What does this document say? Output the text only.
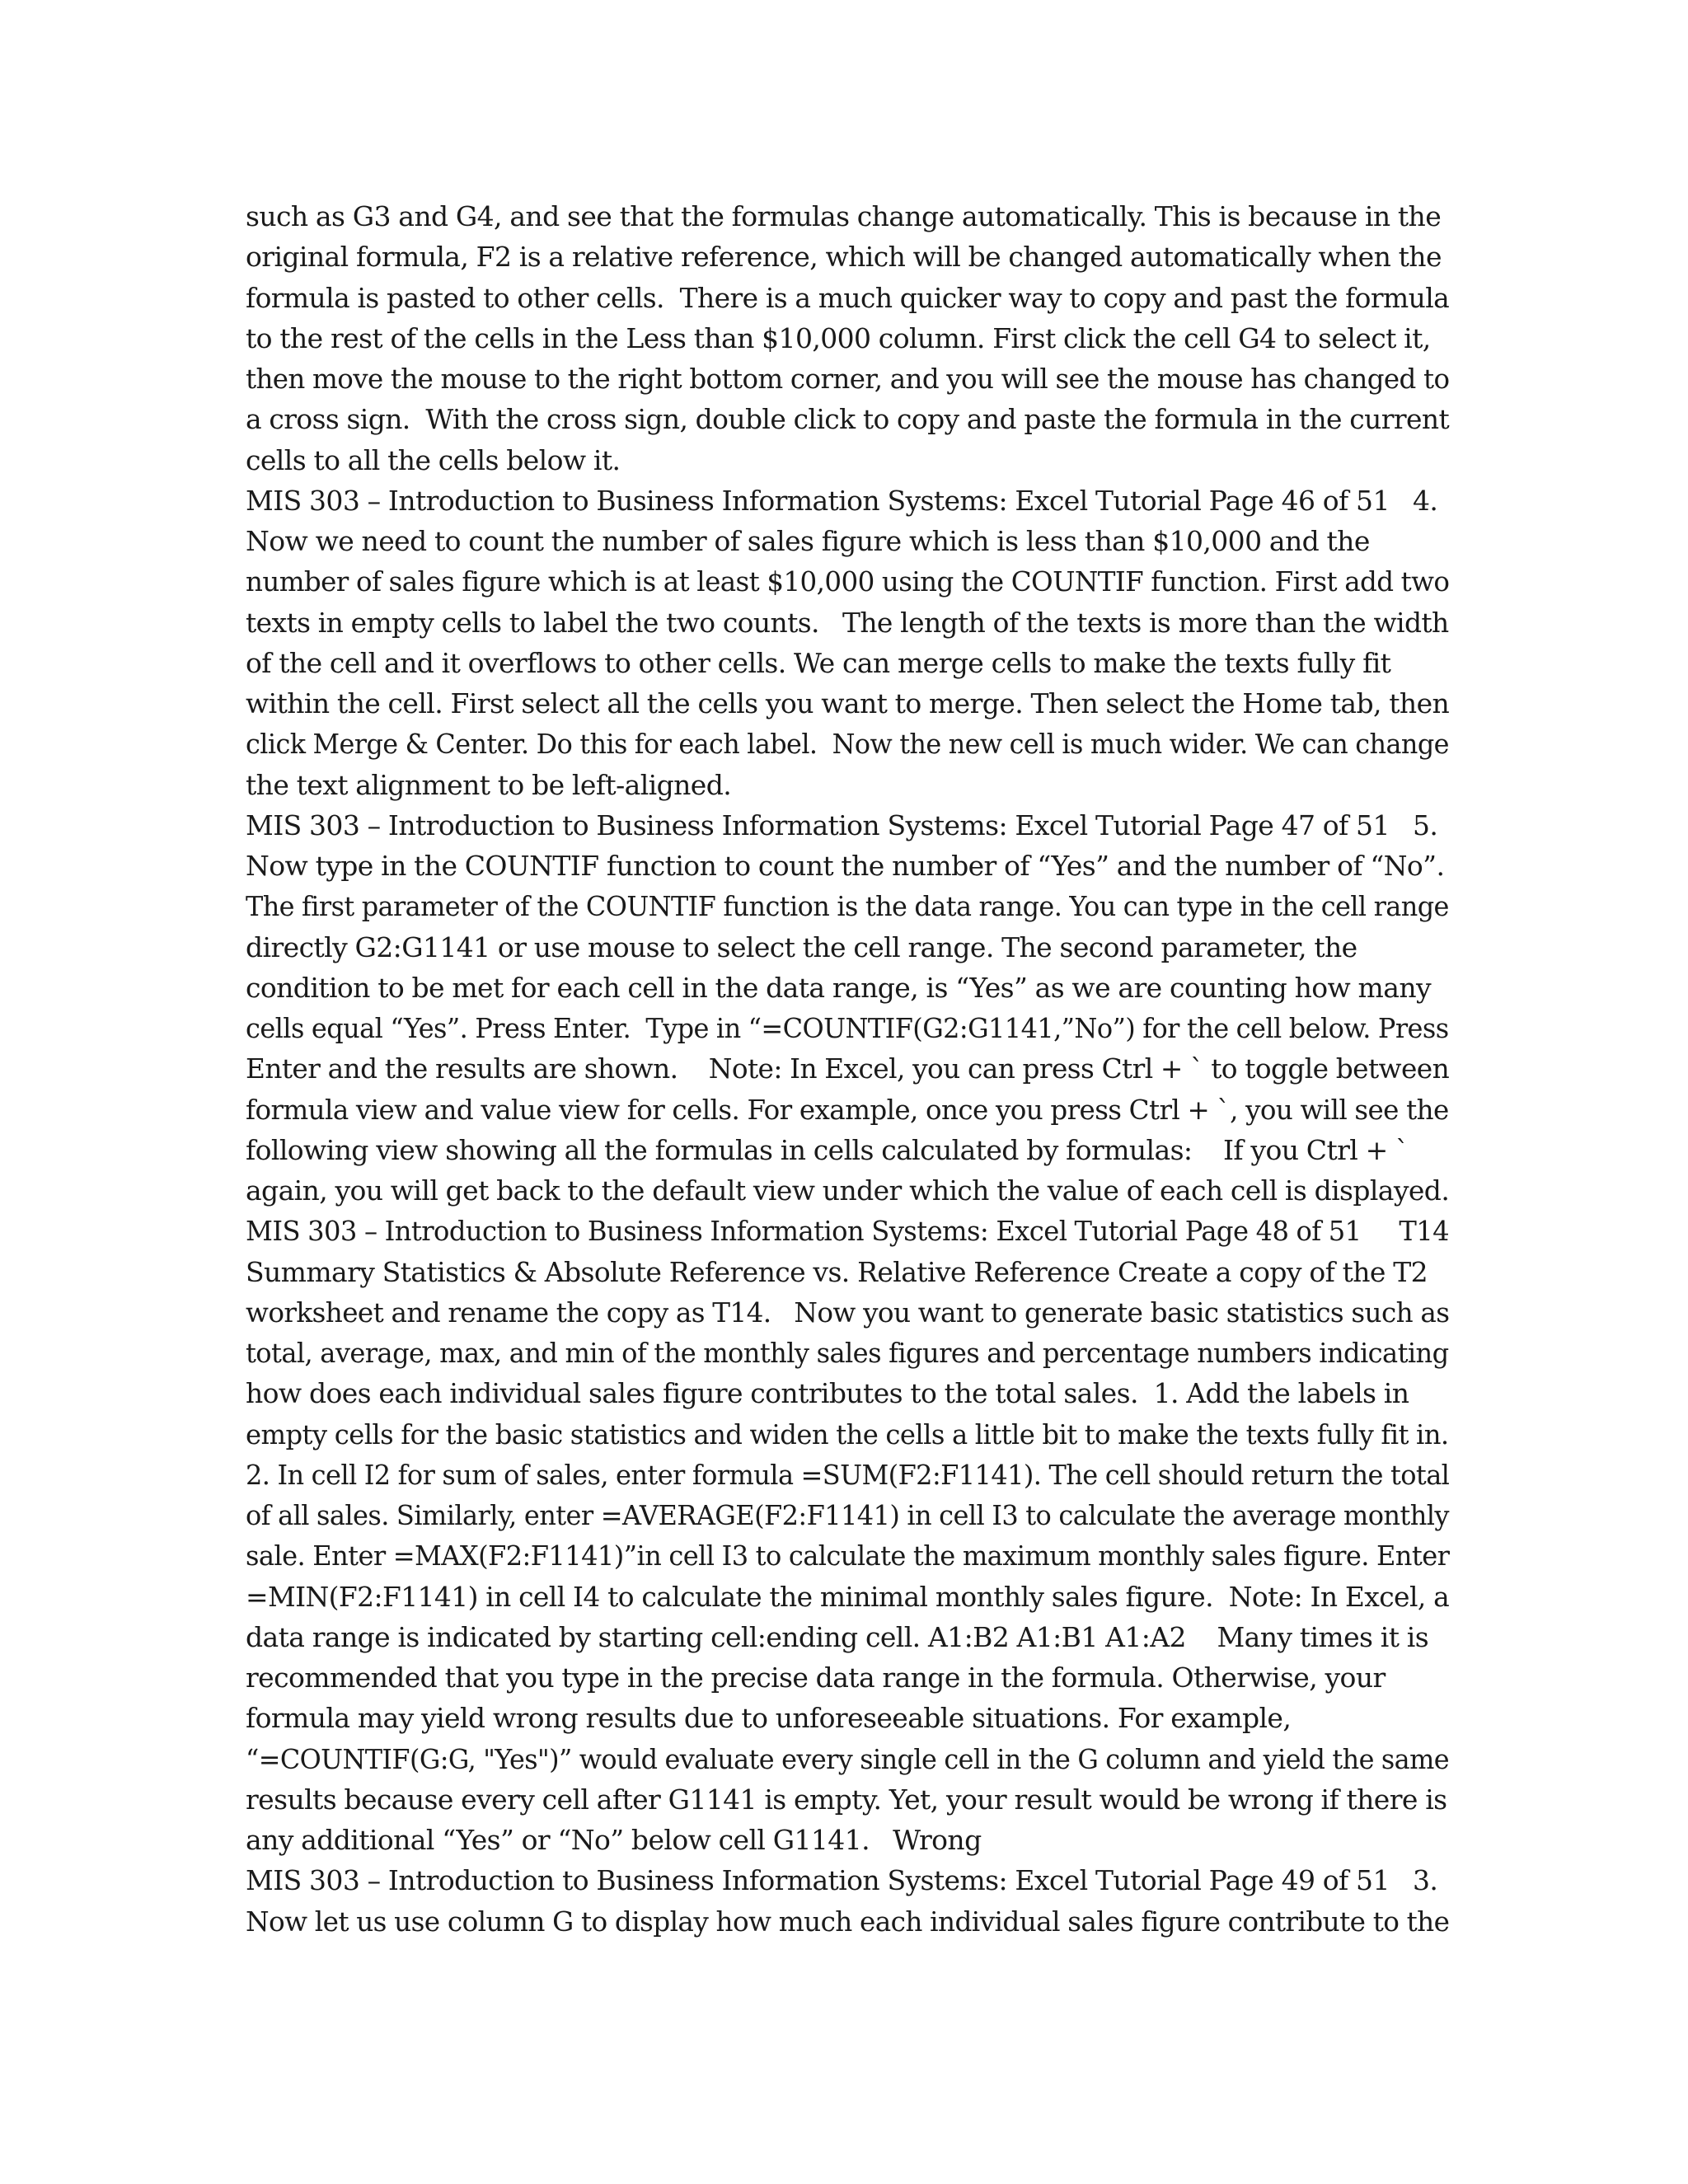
such as G3 and G4, and see that the formulas change automatically. This is because in the
original formula, F2 is a relative reference, which will be changed automatically when the
formula is pasted to other cells.  There is a much quicker way to copy and past the formula
to the rest of the cells in the Less than $10,000 column. First click the cell G4 to select it,
then move the mouse to the right bottom corner, and you will see the mouse has changed to
a cross sign.  With the cross sign, double click to copy and paste the formula in the current
cells to all the cells below it.
MIS 303 – Introduction to Business Information Systems: Excel Tutorial Page 46 of 51   4.
Now we need to count the number of sales figure which is less than $10,000 and the
number of sales figure which is at least $10,000 using the COUNTIF function. First add two
texts in empty cells to label the two counts.   The length of the texts is more than the width
of the cell and it overflows to other cells. We can merge cells to make the texts fully fit
within the cell. First select all the cells you want to merge. Then select the Home tab, then
click Merge & Center. Do this for each label.  Now the new cell is much wider. We can change
the text alignment to be left-aligned.
MIS 303 – Introduction to Business Information Systems: Excel Tutorial Page 47 of 51   5.
Now type in the COUNTIF function to count the number of “Yes” and the number of “No”.
The first parameter of the COUNTIF function is the data range. You can type in the cell range
directly G2:G1141 or use mouse to select the cell range. The second parameter, the
condition to be met for each cell in the data range, is “Yes” as we are counting how many
cells equal “Yes”. Press Enter.  Type in “=COUNTIF(G2:G1141,”No”) for the cell below. Press
Enter and the results are shown.    Note: In Excel, you can press Ctrl + ` to toggle between
formula view and value view for cells. For example, once you press Ctrl + `, you will see the
following view showing all the formulas in cells calculated by formulas:    If you Ctrl + `
again, you will get back to the default view under which the value of each cell is displayed.
MIS 303 – Introduction to Business Information Systems: Excel Tutorial Page 48 of 51     T14
Summary Statistics & Absolute Reference vs. Relative Reference Create a copy of the T2
worksheet and rename the copy as T14.   Now you want to generate basic statistics such as
total, average, max, and min of the monthly sales figures and percentage numbers indicating
how does each individual sales figure contributes to the total sales.  1. Add the labels in
empty cells for the basic statistics and widen the cells a little bit to make the texts fully fit in.
2. In cell I2 for sum of sales, enter formula =SUM(F2:F1141). The cell should return the total
of all sales. Similarly, enter =AVERAGE(F2:F1141) in cell I3 to calculate the average monthly
sale. Enter =MAX(F2:F1141)”in cell I3 to calculate the maximum monthly sales figure. Enter
=MIN(F2:F1141) in cell I4 to calculate the minimal monthly sales figure.  Note: In Excel, a
data range is indicated by starting cell:ending cell. A1:B2 A1:B1 A1:A2    Many times it is
recommended that you type in the precise data range in the formula. Otherwise, your
formula may yield wrong results due to unforeseeable situations. For example,
“=COUNTIF(G:G, "Yes")” would evaluate every single cell in the G column and yield the same
results because every cell after G1141 is empty. Yet, your result would be wrong if there is
any additional “Yes” or “No” below cell G1141.   Wrong
MIS 303 – Introduction to Business Information Systems: Excel Tutorial Page 49 of 51   3.
Now let us use column G to display how much each individual sales figure contribute to the
